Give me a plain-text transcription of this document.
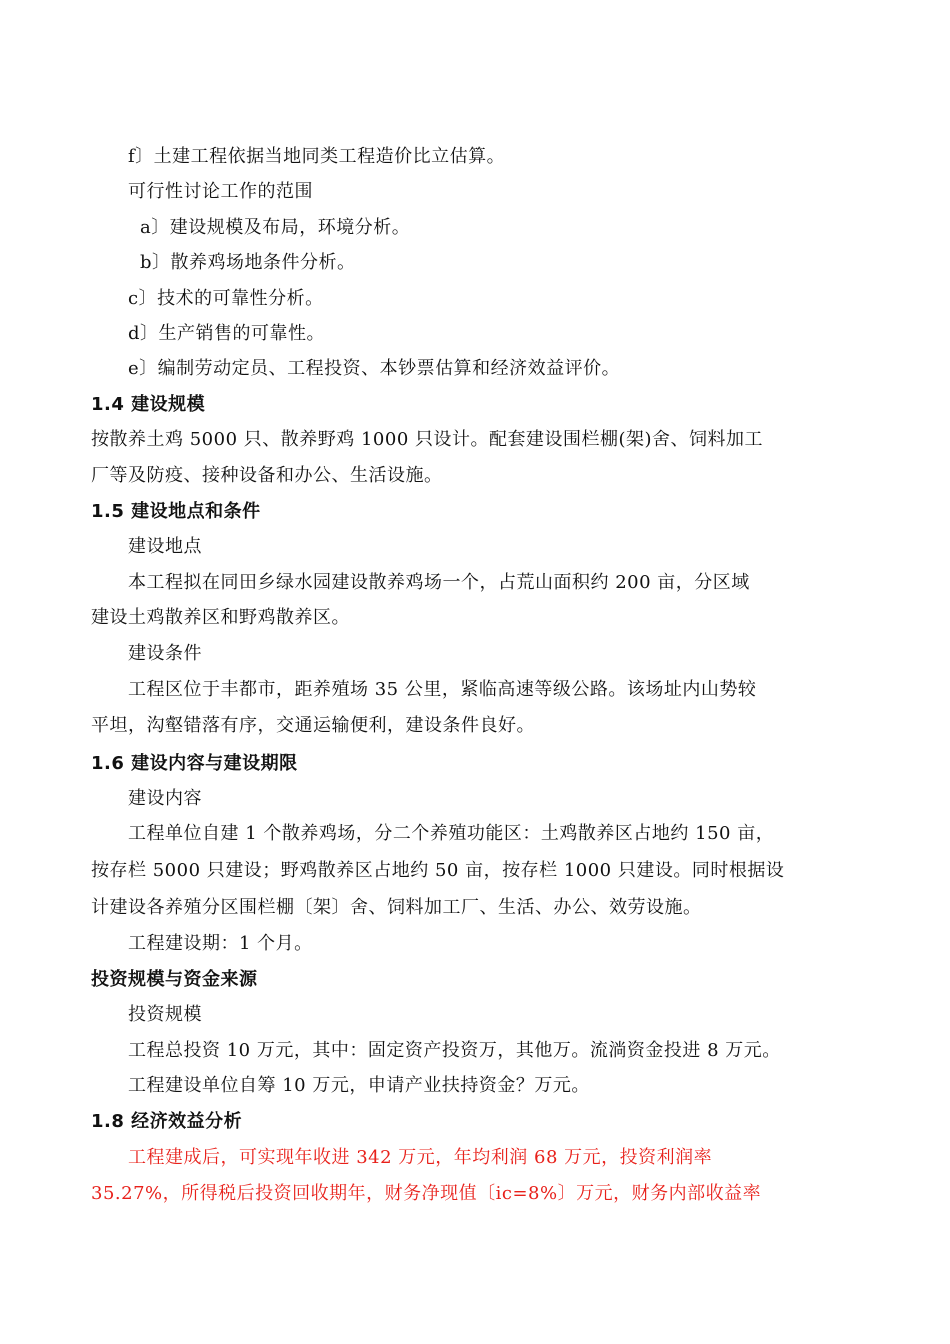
f〕土建工程依据当地同类工程造价比立估算。
可行性讨论工作的范围
a〕建设规模及布局，环境分析。
b〕散养鸡场地条件分析。
c〕技术的可靠性分析。
d〕生产销售的可靠性。
e〕编制劳动定员、工程投资、本钞票估算和经济效益评价。
1.4 建设规模
按散养土鸡 5000 只、散养野鸡 1000 只设计。配套建设围栏棚(架)舍、饲料加工
厂等及防疫、接种设备和办公、生活设施。
1.5 建设地点和条件
建设地点
本工程拟在同田乡绿水园建设散养鸡场一个，占荒山面积约 200 亩，分区域
建设土鸡散养区和野鸡散养区。
建设条件
工程区位于丰都市，距养殖场 35 公里，紧临高速等级公路。该场址内山势较
平坦，沟壑错落有序，交通运输便利，建设条件良好。
1.6 建设内容与建设期限
建设内容
工程单位自建 1 个散养鸡场，分二个养殖功能区：土鸡散养区占地约 150 亩，
按存栏 5000 只建设；野鸡散养区占地约 50 亩，按存栏 1000 只建设。同时根据设
计建设各养殖分区围栏棚〔架〕舍、饲料加工厂、生活、办公、效劳设施。
工程建设期：1 个月。
投资规模与资金来源
投资规模
工程总投资 10 万元，其中：固定资产投资万，其他万。流淌资金投进 8 万元。
工程建设单位自筹 10 万元，申请产业扶持资金？万元。
1.8 经济效益分析
工程建成后，可实现年收进 342 万元，年均利润 68 万元，投资利润率
35.27%，所得税后投资回收期年，财务净现值〔ic=8%〕万元，财务内部收益率
